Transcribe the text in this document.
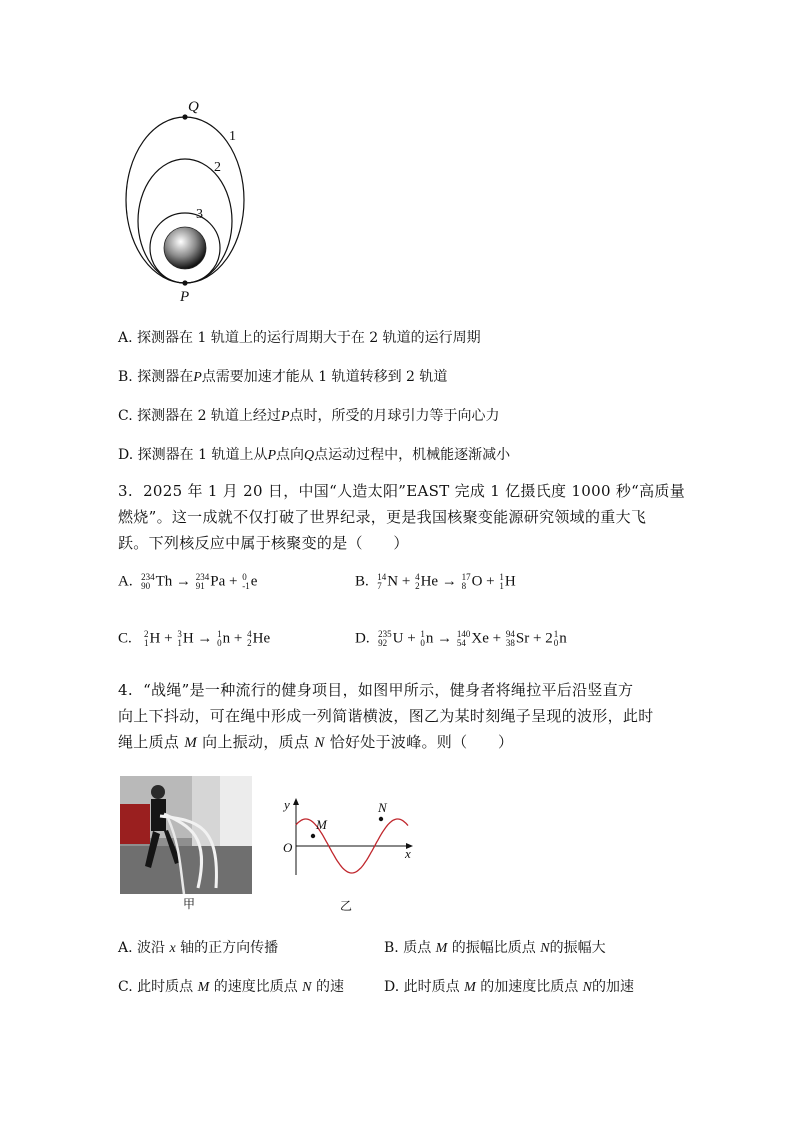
Q
P
1
2
3
A. 探测器在 1 轨道上的运行周期大于在 2 轨道的运行周期
B. 探测器在P点需要加速才能从 1 轨道转移到 2 轨道
C. 探测器在 2 轨道上经过P点时，所受的月球引力等于向心力
D. 探测器在 1 轨道上从P点向Q点运动过程中，机械能逐渐减小
3. 2025 年 1 月 20 日，中国“人造太阳”EAST 完成 1 亿摄氏度 1000 秒“高质量
燃烧”。这一成就不仅打破了世界纪录，更是我国核聚变能源研究领域的重大飞
跃。下列核反应中属于核聚变的是（　　）
A. 234
90 Th → 234
91 Pa + 0
-1 e	B. 14
7 N + 4
2 He → 17
8 O + 1
1 H
C. 2
1 H + 3
1 H → 1
0 n + 4
2 He	D. 235
92 U + 1
0 n → 140
54 Xe + 94
38 Sr + 2 1
0 n
4. “战绳”是一种流行的健身项目，如图甲所示，健身者将绳拉平后沿竖直方
向上下抖动，可在绳中形成一列简谐横波，图乙为某时刻绳子呈现的波形，此时
绳上质点 M 向上振动，质点 N 恰好处于波峰。则（　　）
甲
y
x
O
M
N
乙
A. 波沿 x 轴的正方向传播	B. 质点 M 的振幅比质点 N的振幅大
C. 此时质点 M 的速度比质点 N 的速	D. 此时质点 M 的加速度比质点 N的加速
